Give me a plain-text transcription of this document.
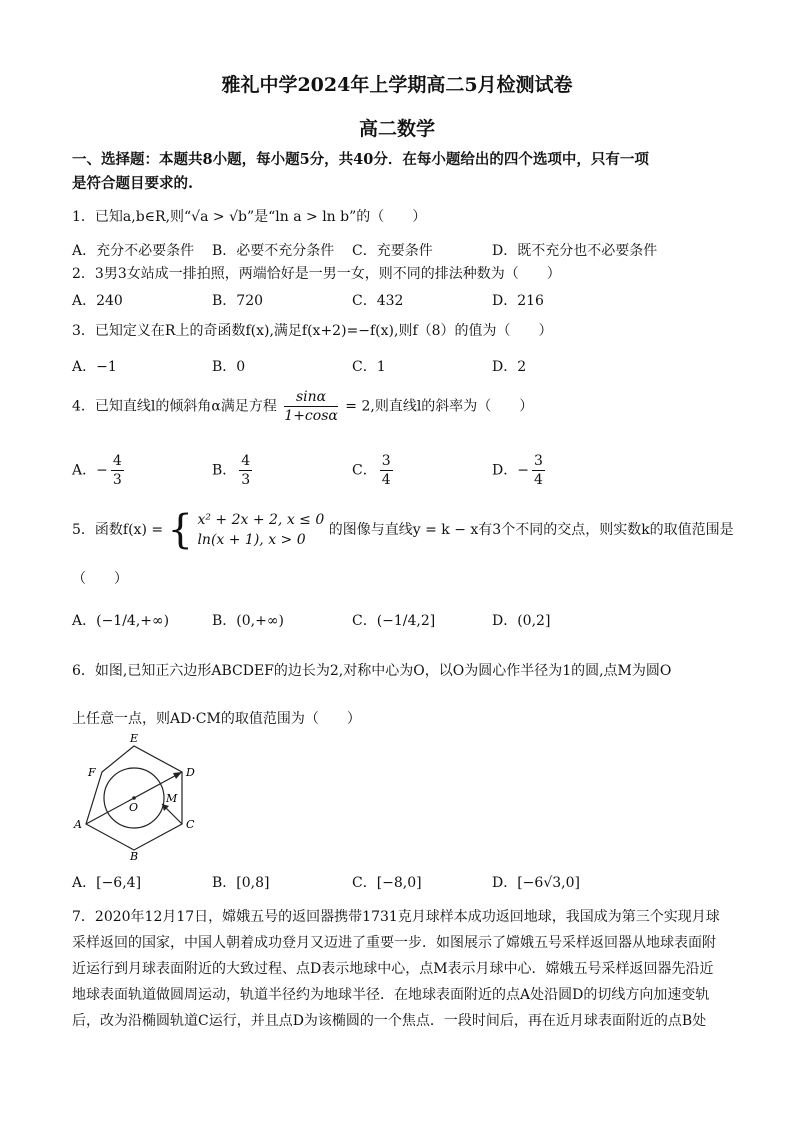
雅礼中学2024年上学期高二5月检测试卷
高二数学
一、选择题：本题共8小题，每小题5分，共40分．在每小题给出的四个选项中，只有一项
是符合题目要求的.
1．已知a,b∈R,则“√a > √b”是“ln a > ln b”的（　　）
A．充分不必要条件 B．必要不充分条件 C．充要条件	D．既不充分也不必要条件
2．3男3女站成一排拍照，两端恰好是一男一女，则不同的排法种数为（　　）
A．240	B．720	C．432	D．216
3．已知定义在R上的奇函数f(x),满足f(x+2)=−f(x),则f（8）的值为（　　）
A．−1	B．0	C．1	D．2
4．已知直线l的倾斜角α满足方程 $\frac{\sin\alpha}{1+\cos\alpha} = 2$,则直线l的斜率为（　　）
A．− $\frac{4}{3}$	B． $\frac{4}{3}$	C． $\frac{3}{4}$	D．− $\frac{3}{4}$
5．函数f(x) = { x² + 2x + 2, x ≤ 0
ln(x + 1), x > 0
的图像与直线y = k − x有3个不同的交点，则实数k的取值范围是
（　　）
A．(−1/4,+∞)	B．(0,+∞)	C．(−1/4,2]	D．(0,2]
6．如图,已知正六边形ABCDEF的边长为2,对称中心为O，以O为圆心作半径为1的圆,点M为圆O
上任意一点，则AD·CM的取值范围为（　　）
E
F	D
O
M
A	C
B
A．[−6,4]	B．[0,8]	C．[−8,0]	D．[−6√3,0]
7．2020年12月17日，嫦娥五号的返回器携带1731克月球样本成功返回地球，我国成为第三个实现月球
采样返回的国家，中国人朝着成功登月又迈进了重要一步．如图展示了嫦娥五号采样返回器从地球表面附
近运行到月球表面附近的大致过程、点D表示地球中心，点M表示月球中心．嫦娥五号采样返回器先沿近
地球表面轨道做圆周运动，轨道半径约为地球半径．在地球表面附近的点A处沿圆D的切线方向加速变轨
后，改为沿椭圆轨道C运行，并且点D为该椭圆的一个焦点．一段时间后，再在近月球表面附近的点B处
